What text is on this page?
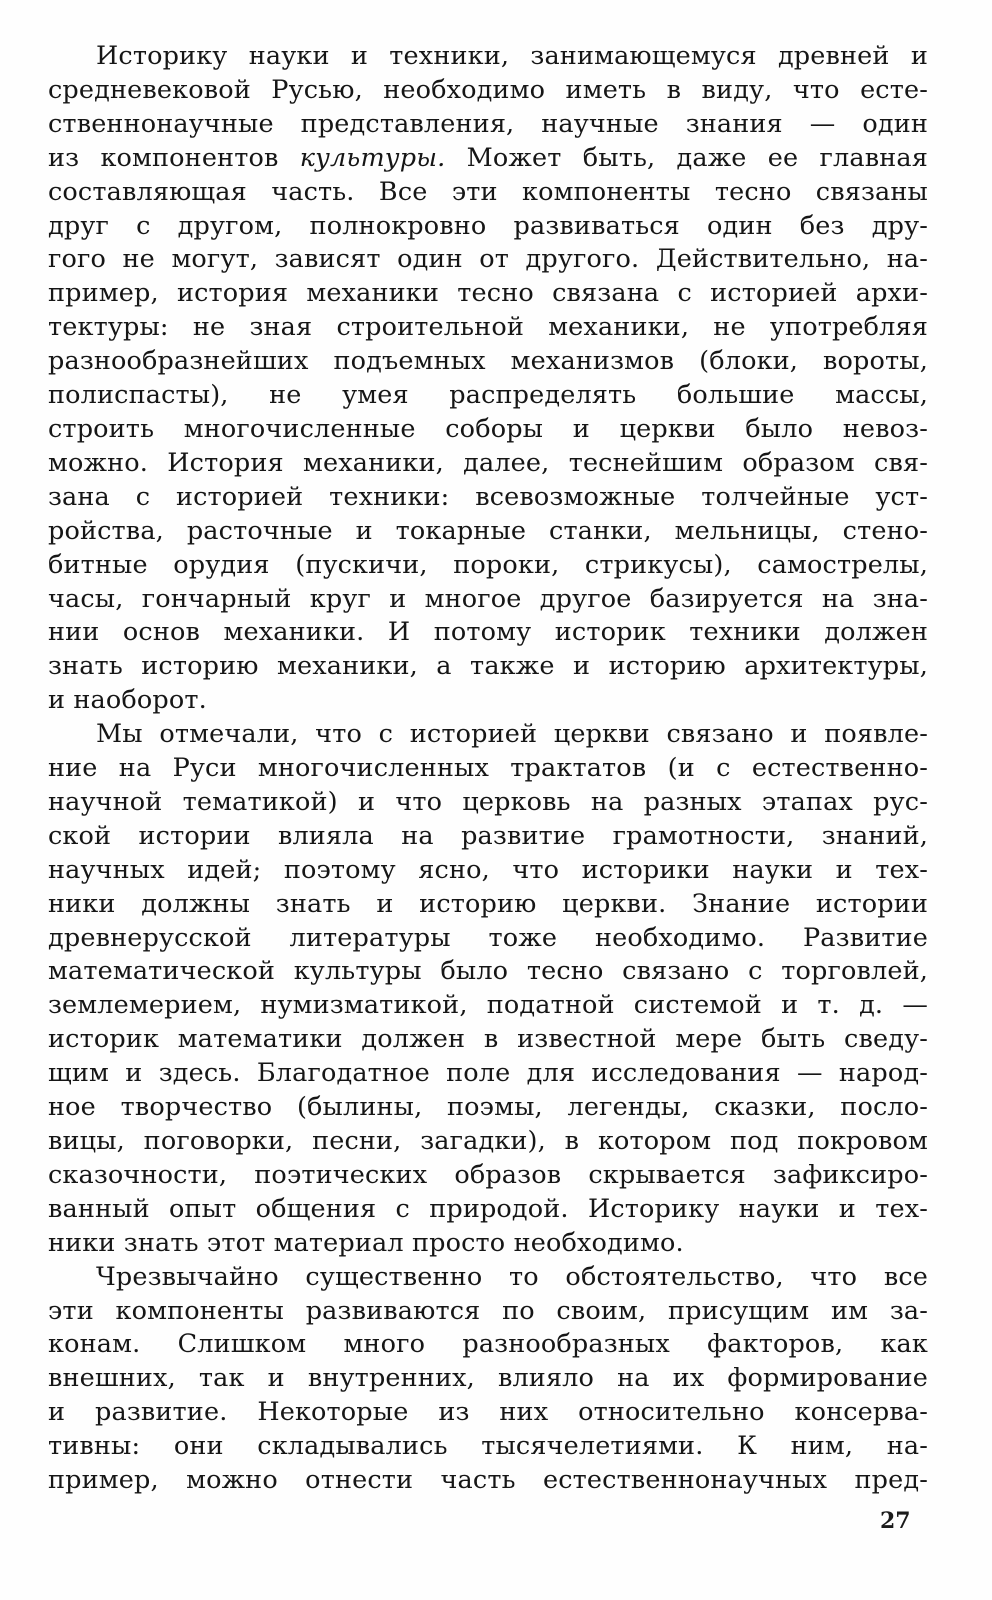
Историку науки и техники, занимающемуся древней и
средневековой Русью, необходимо иметь в виду, что есте-
ственнонаучные представления, научные знания — один
из компонентов культуры. Может быть, даже ее главная
составляющая часть. Все эти компоненты тесно связаны
друг с другом, полнокровно развиваться один без дру-
гого не могут, зависят один от другого. Действительно, на-
пример, история механики тесно связана с историей архи-
тектуры: не зная строительной механики, не употребляя
разнообразнейших подъемных механизмов (блоки, вороты,
полиспасты), не умея распределять большие массы,
строить многочисленные соборы и церкви было невоз-
можно. История механики, далее, теснейшим образом свя-
зана с историей техники: всевозможные толчейные уст-
ройства, расточные и токарные станки, мельницы, стено-
битные орудия (пускичи, пороки, стрикусы), самострелы,
часы, гончарный круг и многое другое базируется на зна-
нии основ механики. И потому историк техники должен
знать историю механики, а также и историю архитектуры,
и наоборот.

Мы отмечали, что с историей церкви связано и появле-
ние на Руси многочисленных трактатов (и с естественно-
научной тематикой) и что церковь на разных этапах рус-
ской истории влияла на развитие грамотности, знаний,
научных идей; поэтому ясно, что историки науки и тех-
ники должны знать и историю церкви. Знание истории
древнерусской литературы тоже необходимо. Развитие
математической культуры было тесно связано с торговлей,
землемерием, нумизматикой, податной системой и т. д. —
историк математики должен в известной мере быть сведу-
щим и здесь. Благодатное поле для исследования — народ-
ное творчество (былины, поэмы, легенды, сказки, посло-
вицы, поговорки, песни, загадки), в котором под покровом
сказочности, поэтических образов скрывается зафиксиро-
ванный опыт общения с природой. Историку науки и тех-
ники знать этот материал просто необходимо.

Чрезвычайно существенно то обстоятельство, что все
эти компоненты развиваются по своим, присущим им за-
конам. Слишком много разнообразных факторов, как
внешних, так и внутренних, влияло на их формирование
и развитие. Некоторые из них относительно консерва-
тивны: они складывались тысячелетиями. К ним, на-
пример, можно отнести часть естественнонаучных пред-

27
